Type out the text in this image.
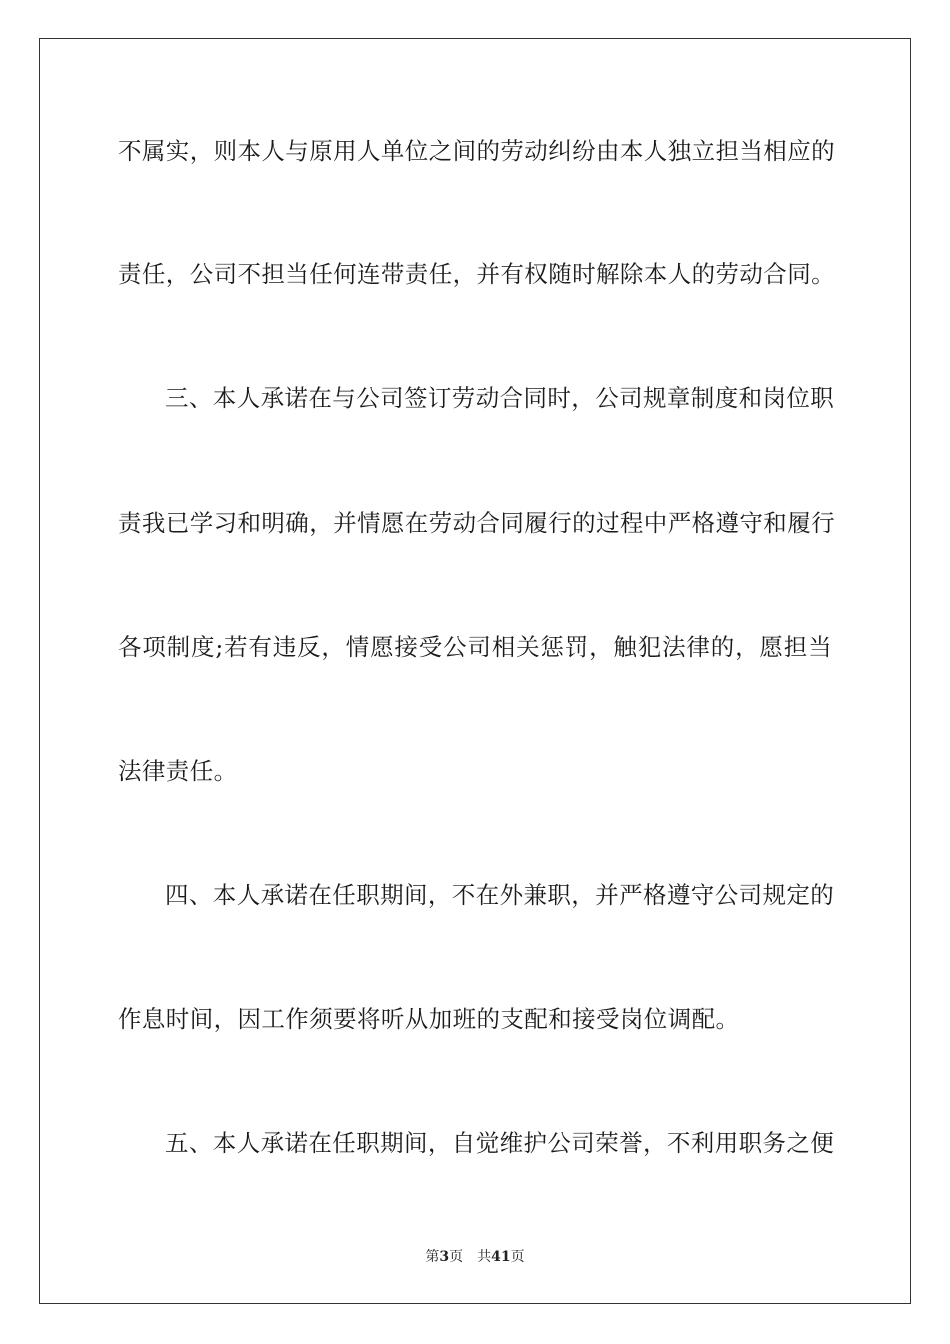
不属实，则本人与原用人单位之间的劳动纠纷由本人独立担当相应的
责任，公司不担当任何连带责任，并有权随时解除本人的劳动合同。
三、本人承诺在与公司签订劳动合同时，公司规章制度和岗位职
责我已学习和明确，并情愿在劳动合同履行的过程中严格遵守和履行
各项制度;若有违反，情愿接受公司相关惩罚，触犯法律的，愿担当
法律责任。
四、本人承诺在任职期间，不在外兼职，并严格遵守公司规定的
作息时间，因工作须要将听从加班的支配和接受岗位调配。
五、本人承诺在任职期间，自觉维护公司荣誉，不利用职务之便
第3页 共41页
